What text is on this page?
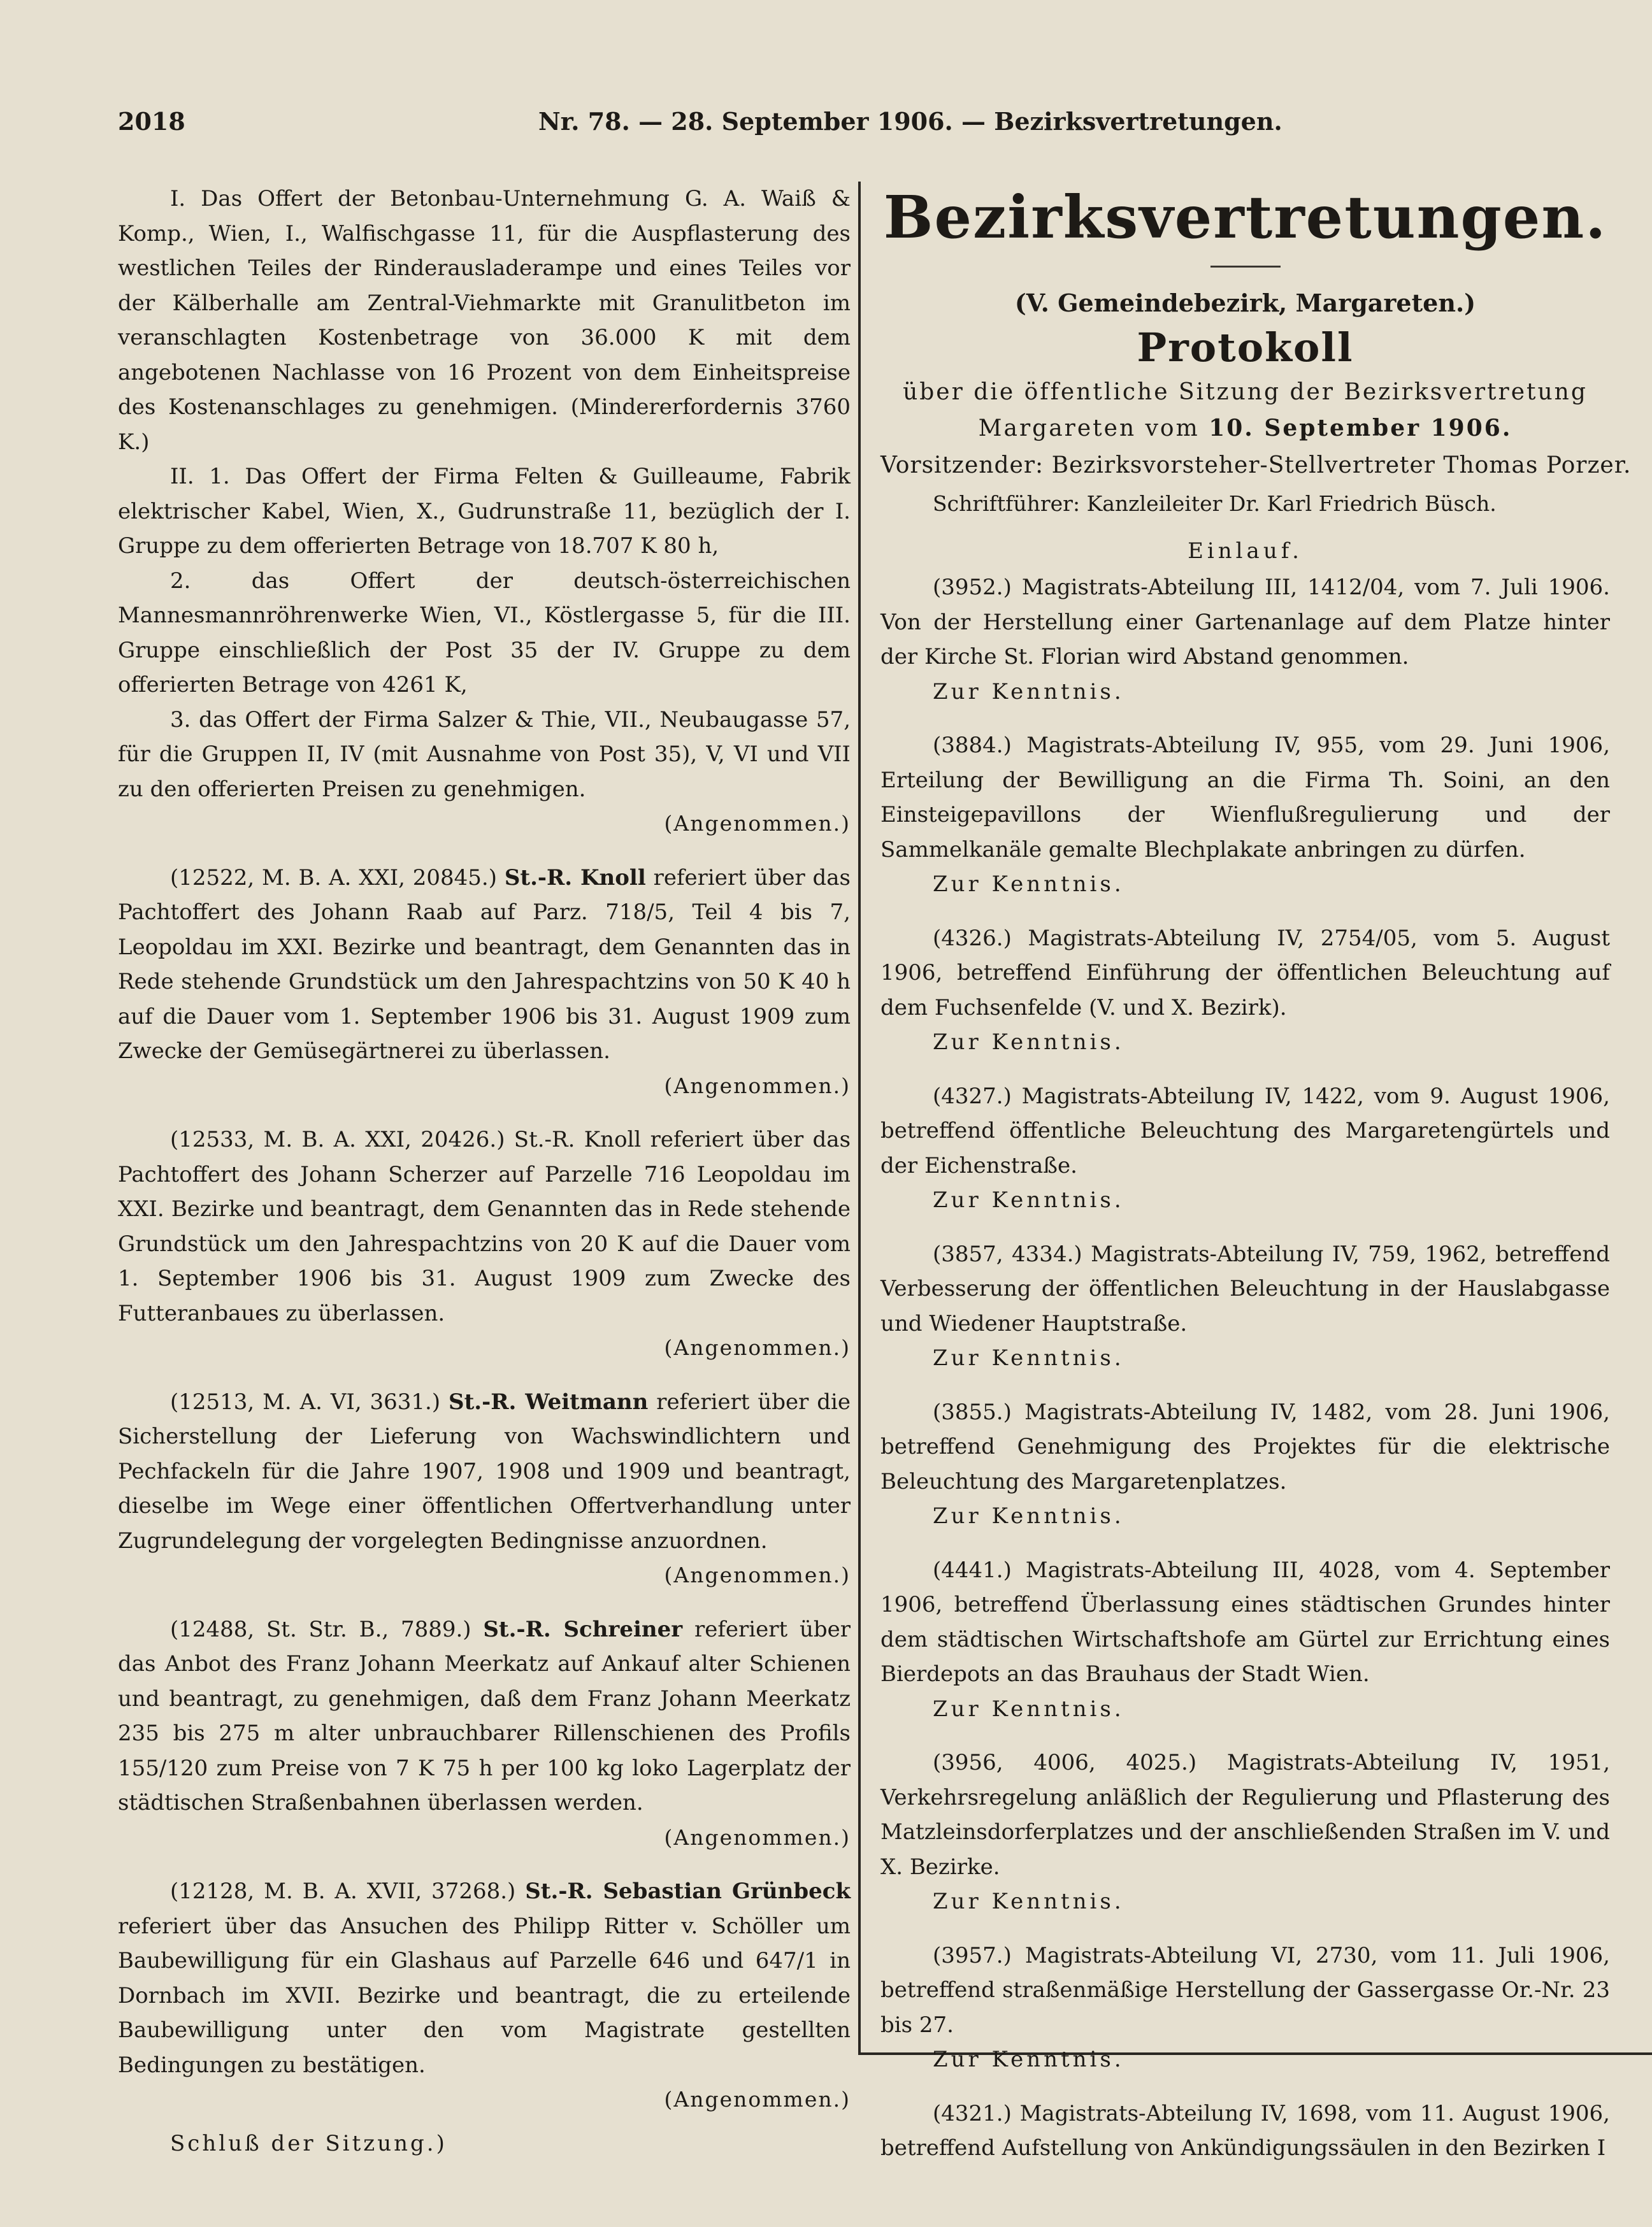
2018	Nr. 78. — 28. September 1906. — Bezirksvertretungen.

I. Das Offert der Betonbau-Unternehmung G. A. Waiß & Komp., Wien, I., Walfischgasse 11, für die Auspflasterung des westlichen Teiles der Rinderausladerampe und eines Teiles vor der Kälberhalle am Zentral-Viehmarkte mit Granulitbeton im veranschlagten Kostenbetrage von 36.000 K mit dem angebotenen Nachlasse von 16 Prozent von dem Einheitspreise des Kostenanschlages zu genehmigen. (Mindererfordernis 3760 K.)

II. 1. Das Offert der Firma Felten & Guilleaume, Fabrik elektrischer Kabel, Wien, X., Gudrunstraße 11, bezüglich der I. Gruppe zu dem offerierten Betrage von 18.707 K 80 h,

2. das Offert der deutsch-österreichischen Mannesmannröhrenwerke Wien, VI., Köstlergasse 5, für die III. Gruppe einschließlich der Post 35 der IV. Gruppe zu dem offerierten Betrage von 4261 K,

3. das Offert der Firma Salzer & Thie, VII., Neubaugasse 57, für die Gruppen II, IV (mit Ausnahme von Post 35), V, VI und VII zu den offerierten Preisen zu genehmigen.

(Angenommen.)

(12522, M. B. A. XXI, 20845.) St.-R. Knoll referiert über das Pachtoffert des Johann Raab auf Parz. 718/5, Teil 4 bis 7, Leopoldau im XXI. Bezirke und beantragt, dem Genannten das in Rede stehende Grundstück um den Jahrespachtzins von 50 K 40 h auf die Dauer vom 1. September 1906 bis 31. August 1909 zum Zwecke der Gemüsegärtnerei zu überlassen.

(Angenommen.)

(12533, M. B. A. XXI, 20426.) St.-R. Knoll referiert über das Pachtoffert des Johann Scherzer auf Parzelle 716 Leopoldau im XXI. Bezirke und beantragt, dem Genannten das in Rede stehende Grundstück um den Jahrespachtzins von 20 K auf die Dauer vom 1. September 1906 bis 31. August 1909 zum Zwecke des Futteranbaues zu überlassen.

(Angenommen.)

(12513, M. A. VI, 3631.) St.-R. Weitmann referiert über die Sicherstellung der Lieferung von Wachswindlichtern und Pechfackeln für die Jahre 1907, 1908 und 1909 und beantragt, dieselbe im Wege einer öffentlichen Offertverhandlung unter Zugrundelegung der vorgelegten Bedingnisse anzuordnen.

(Angenommen.)

(12488, St. Str. B., 7889.) St.-R. Schreiner referiert über das Anbot des Franz Johann Meerkatz auf Ankauf alter Schienen und beantragt, zu genehmigen, daß dem Franz Johann Meerkatz 235 bis 275 m alter unbrauchbarer Rillenschienen des Profils 155/120 zum Preise von 7 K 75 h per 100 kg loko Lagerplatz der städtischen Straßenbahnen überlassen werden.

(Angenommen.)

(12128, M. B. A. XVII, 37268.) St.-R. Sebastian Grünbeck referiert über das Ansuchen des Philipp Ritter v. Schöller um Baubewilligung für ein Glashaus auf Parzelle 646 und 647/1 in Dornbach im XVII. Bezirke und beantragt, die zu erteilende Baubewilligung unter den vom Magistrate gestellten Bedingungen zu bestätigen.

(Angenommen.)
Schluß der Sitzung.)
Bezirksvertretungen.
(V. Gemeindebezirk, Margareten.)
Protokoll
über die öffentliche Sitzung der Bezirksvertretung
Margareten vom 10. September 1906.
Vorsitzender: Bezirksvorsteher-Stellvertreter Thomas Porzer.
Schriftführer: Kanzleileiter Dr. Karl Friedrich Büsch.
Einlauf.

(3952.) Magistrats-Abteilung III, 1412/04, vom 7. Juli 1906. Von der Herstellung einer Gartenanlage auf dem Platze hinter der Kirche St. Florian wird Abstand genommen.

Zur Kenntnis.

(3884.) Magistrats-Abteilung IV, 955, vom 29. Juni 1906, Erteilung der Bewilligung an die Firma Th. Soini, an den Einsteigepavillons der Wienflußregulierung und der Sammelkanäle gemalte Blechplakate anbringen zu dürfen.

Zur Kenntnis.

(4326.) Magistrats-Abteilung IV, 2754/05, vom 5. August 1906, betreffend Einführung der öffentlichen Beleuchtung auf dem Fuchsenfelde (V. und X. Bezirk).

Zur Kenntnis.

(4327.) Magistrats-Abteilung IV, 1422, vom 9. August 1906, betreffend öffentliche Beleuchtung des Margaretengürtels und der Eichenstraße.

Zur Kenntnis.

(3857, 4334.) Magistrats-Abteilung IV, 759, 1962, betreffend Verbesserung der öffentlichen Beleuchtung in der Hauslabgasse und Wiedener Hauptstraße.

Zur Kenntnis.

(3855.) Magistrats-Abteilung IV, 1482, vom 28. Juni 1906, betreffend Genehmigung des Projektes für die elektrische Beleuchtung des Margaretenplatzes.

Zur Kenntnis.

(4441.) Magistrats-Abteilung III, 4028, vom 4. September 1906, betreffend Überlassung eines städtischen Grundes hinter dem städtischen Wirtschaftshofe am Gürtel zur Errichtung eines Bierdepots an das Brauhaus der Stadt Wien.

Zur Kenntnis.

(3956, 4006, 4025.) Magistrats-Abteilung IV, 1951, Verkehrsregelung anläßlich der Regulierung und Pflasterung des Matzleinsdorferplatzes und der anschließenden Straßen im V. und X. Bezirke.

Zur Kenntnis.

(3957.) Magistrats-Abteilung VI, 2730, vom 11. Juli 1906, betreffend straßenmäßige Herstellung der Gassergasse Or.-Nr. 23 bis 27.

Zur Kenntnis.

(4321.) Magistrats-Abteilung IV, 1698, vom 11. August 1906, betreffend Aufstellung von Ankündigungssäulen in den Bezirken I
